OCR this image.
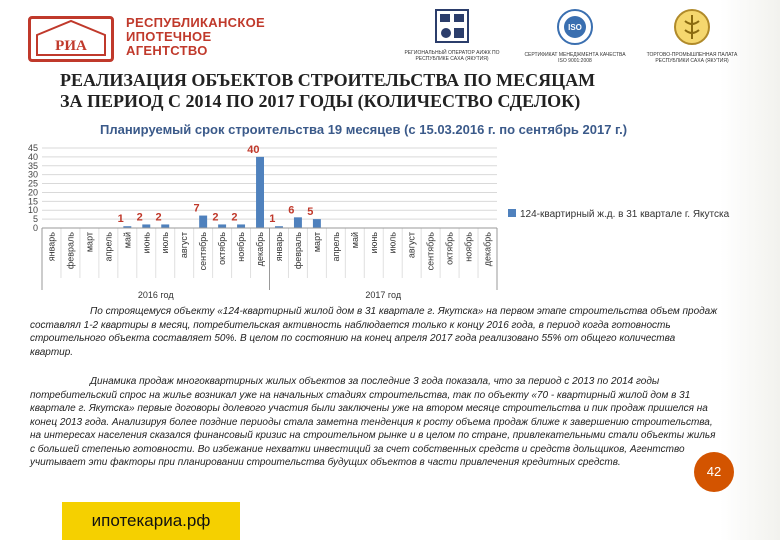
РИА
РЕСПУБЛИКАНСКОЕ
ИПОТЕЧНОЕ
АГЕНТСТВО	РЕГИОНАЛЬНЫЙ ОПЕРАТОР АИЖК ПО РЕСПУБЛИКЕ САХА (ЯКУТИЯ)
ISO
СЕРТИФИКАТ МЕНЕДЖМЕНТА КАЧЕСТВА ISO 9001:2008
ТОРГОВО-ПРОМЫШЛЕННАЯ ПАЛАТА РЕСПУБЛИКИ САХА (ЯКУТИЯ)
РЕАЛИЗАЦИЯ ОБЪЕКТОВ СТРОИТЕЛЬСТВА ПО МЕСЯЦАМ
ЗА ПЕРИОД С 2014 ПО 2017 ГОДЫ (КОЛИЧЕСТВО СДЕЛОК)
Планируемый срок строительства 19 месяцев (с 15.03.2016 г. по сентябрь 2017 г.)
0
5
10
15
20
25
30
35
40
45
январь февраль март апрель май июнь июль август сентябрь октябрь ноябрь декабрь январь февраль март апрель май июнь июль август сентябрь октябрь ноябрь декабрь
1 2 2
7
2 2
40
1
6 5
2016 год	2017 год
124-квартирный ж.д. в 31 квартале г. Якутска
По строящемуся объекту «124-квартирный жилой дом в 31 квартале г. Якутска» на первом этапе строительства объем продаж составлял 1-2 квартиры в месяц, потребительская активность наблюдается только к концу 2016 года, в период когда готовность строительного объекта составляет 50%. В целом по состоянию на конец апреля 2017 года реализовано 55% от общего количества квартир.
Динамика продаж многоквартирных жилых объектов за последние 3 года показала, что за период с 2013 по 2014 годы потребительский спрос на жилье возникал уже на начальных стадиях строительства, так по объекту «70 - квартирный жилой дом в 31 квартале г. Якутска» первые договоры долевого участия были заключены уже на втором месяце строительства и пик продаж пришелся на конец 2013 года. Анализируя более поздние периоды стала заметна тенденция к росту объема продаж ближе к завершению строительства, на интересах населения сказался финансовый кризис на строительном рынке и в целом по стране, привлекательными стали объекты жилья с большей степенью готовности. Во избежание нехватки инвестиций за счет собственных средств и средств дольщиков, Агентство учитывает эти факторы при планировании строительства будущих объектов в части привлечения кредитных средств.
42
ипотекариа.рф
